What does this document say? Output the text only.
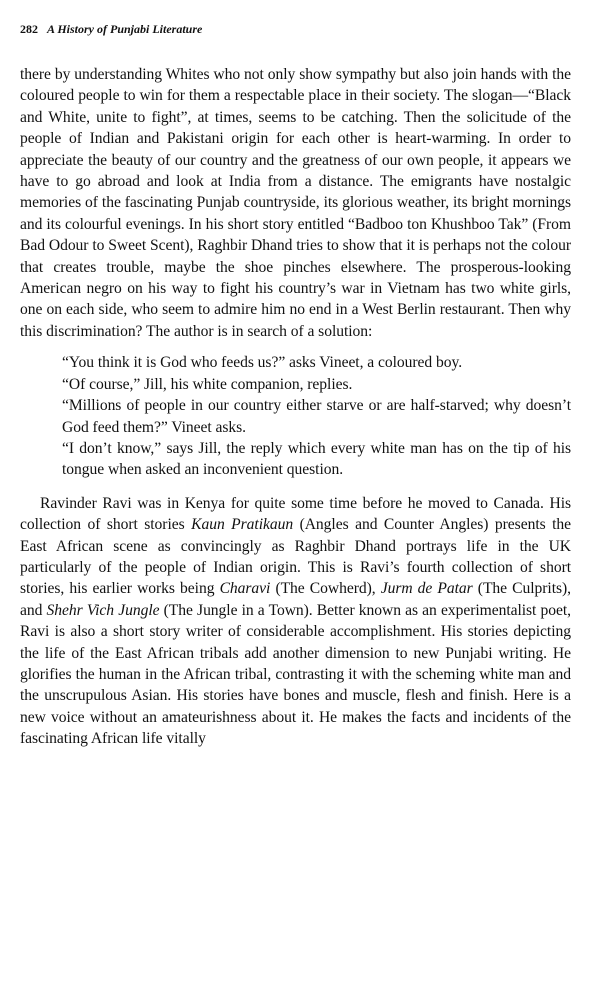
282 A History of Punjabi Literature

there by understanding Whites who not only show sympathy but also join hands with the coloured people to win for them a respectable place in their society. The slogan—“Black and White, unite to fight”, at times, seems to be catching. Then the solicitude of the people of Indian and Pakistani origin for each other is heart-warming. In order to appreciate the beauty of our country and the greatness of our own people, it appears we have to go abroad and look at India from a distance. The emigrants have nostalgic memories of the fascinating Punjab countryside, its glorious weather, its bright mornings and its colourful evenings. In his short story entitled “Badboo ton Khushboo Tak” (From Bad Odour to Sweet Scent), Raghbir Dhand tries to show that it is perhaps not the colour that creates trouble, maybe the shoe pinches elsewhere. The prosperous-looking American negro on his way to fight his country’s war in Vietnam has two white girls, one on each side, who seem to admire him no end in a West Berlin restaurant. Then why this discrimination? The author is in search of a solution:

“You think it is God who feeds us?” asks Vineet, a coloured boy.

“Of course,” Jill, his white companion, replies.

“Millions of people in our country either starve or are half-starved; why doesn’t God feed them?” Vineet asks.

“I don’t know,” says Jill, the reply which every white man has on the tip of his tongue when asked an inconvenient question.

Ravinder Ravi was in Kenya for quite some time before he moved to Canada. His collection of short stories Kaun Pratikaun (Angles and Counter Angles) presents the East African scene as convincingly as Raghbir Dhand portrays life in the UK particularly of the people of Indian origin. This is Ravi’s fourth collection of short stories, his earlier works being Charavi (The Cowherd), Jurm de Patar (The Culprits), and Shehr Vich Jungle (The Jungle in a Town). Better known as an experimentalist poet, Ravi is also a short story writer of considerable accomplishment. His stories depicting the life of the East African tribals add another dimension to new Punjabi writing. He glorifies the human in the African tribal, contrasting it with the scheming white man and the unscrupulous Asian. His stories have bones and muscle, flesh and finish. Here is a new voice without an amateurishness about it. He makes the facts and incidents of the fascinating African life vitally
